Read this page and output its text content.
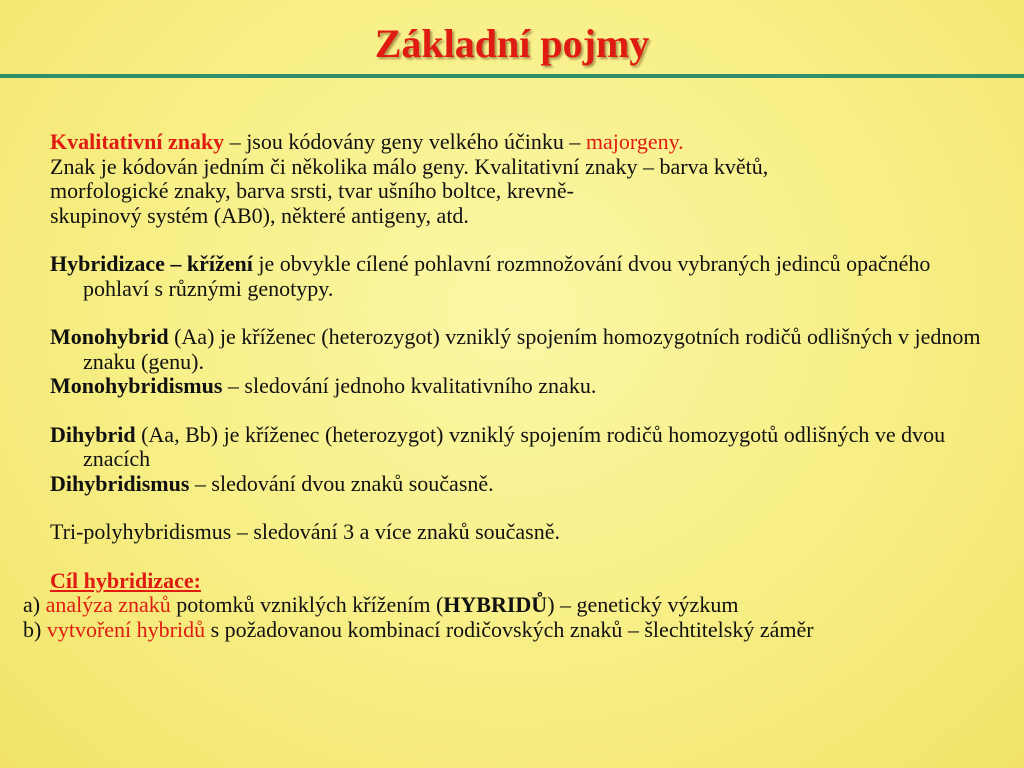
Základní pojmy
Kvalitativní znaky – jsou kódovány geny velkého účinku – majorgeny.
Znak je kódován jedním či několika málo geny. Kvalitativní znaky – barva květů,
morfologické znaky, barva srsti, tvar ušního boltce, krevně-
skupinový systém (AB0), některé antigeny, atd.
Hybridizace – křížení je obvykle cílené pohlavní rozmnožování dvou vybraných jedinců opačného pohlaví s různými genotypy.
Monohybrid (Aa) je kříženec (heterozygot) vzniklý spojením homozygotních rodičů odlišných v jednom znaku (genu).
Monohybridismus – sledování jednoho kvalitativního znaku.
Dihybrid (Aa, Bb) je kříženec (heterozygot) vzniklý spojením rodičů homozygotů odlišných ve dvou znacích
Dihybridismus – sledování dvou znaků současně.
Tri-polyhybridismus – sledování 3 a více znaků současně.
Cíl hybridizace:
a) analýza znaků potomků vzniklých křížením (HYBRIDŮ) – genetický výzkum
b) vytvoření hybridů s požadovanou kombinací rodičovských znaků – šlechtitelský záměr
